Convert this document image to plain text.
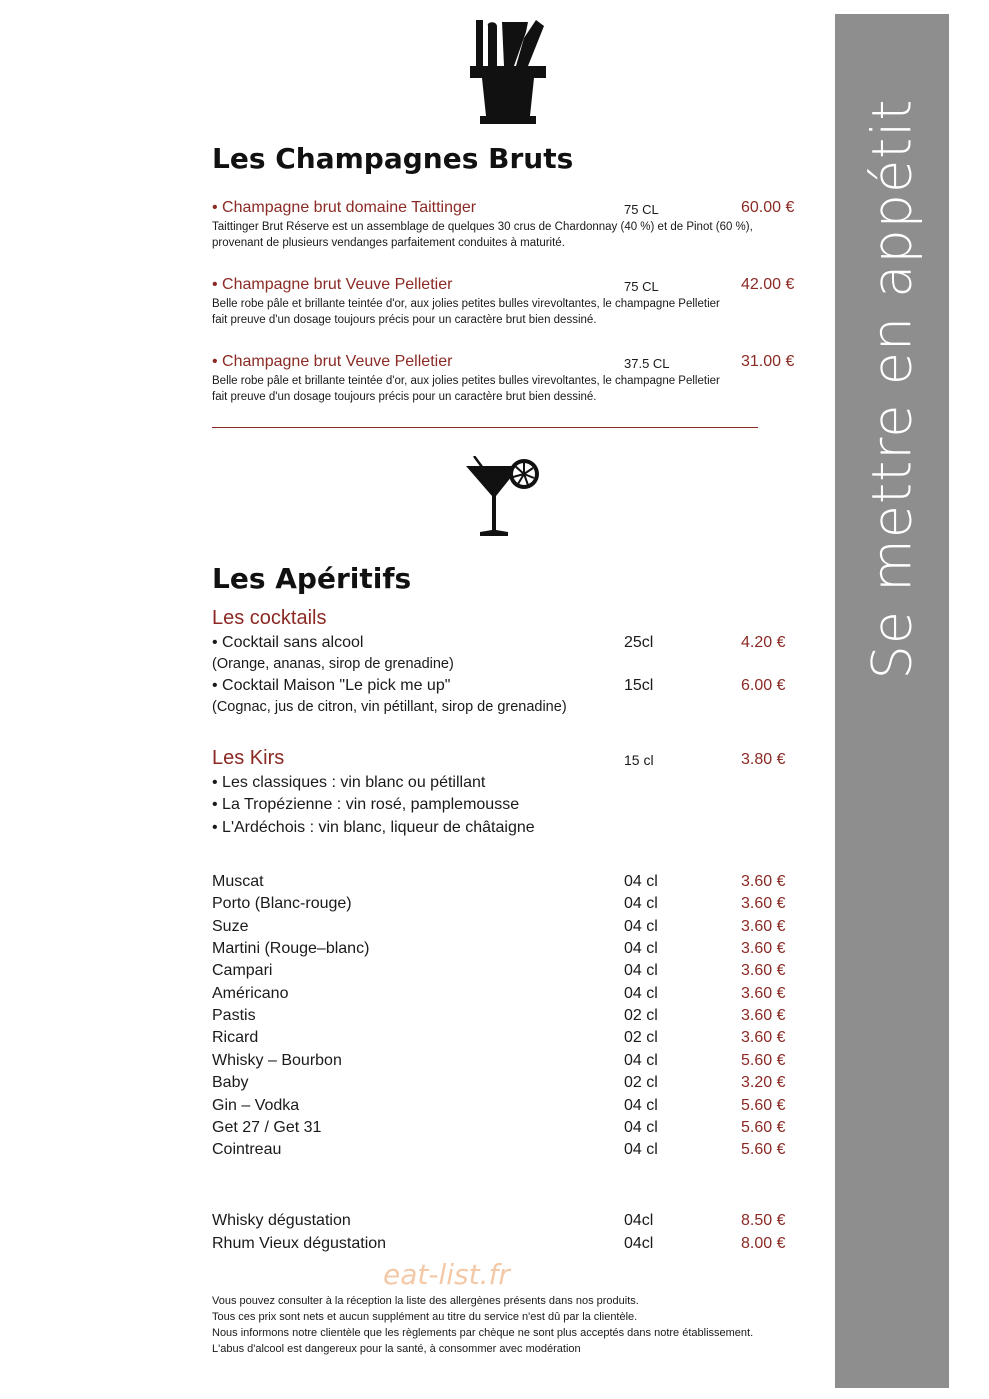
Se mettre en appétit
Les Champagnes Bruts
• Champagne brut domaine Taittinger	75 CL	60.00 €
Taittinger Brut Réserve est un assemblage de quelques 30 crus de Chardonnay (40 %) et de Pinot (60 %),
provenant de plusieurs vendanges parfaitement conduites à maturité.
• Champagne brut Veuve Pelletier	75 CL	42.00 €
Belle robe pâle et brillante teintée d'or, aux jolies petites bulles virevoltantes, le champagne Pelletier
fait preuve d'un dosage toujours précis pour un caractère brut bien dessiné.
• Champagne brut Veuve Pelletier	37.5 CL	31.00 €
Belle robe pâle et brillante teintée d'or, aux jolies petites bulles virevoltantes, le champagne Pelletier
fait preuve d'un dosage toujours précis pour un caractère brut bien dessiné.
Les Apéritifs
Les cocktails
• Cocktail sans alcool	25cl	4.20 €
(Orange, ananas, sirop de grenadine)
• Cocktail Maison "Le pick me up"	15cl	6.00 €
(Cognac, jus de citron, vin pétillant, sirop de grenadine)
Les Kirs	15 cl	3.80 €
• Les classiques : vin blanc ou pétillant
• La Tropézienne : vin rosé, pamplemousse
• L'Ardéchois : vin blanc, liqueur de châtaigne
Muscat	04 cl	3.60 €
Porto (Blanc-rouge)	04 cl	3.60 €
Suze	04 cl	3.60 €
Martini (Rouge–blanc)	04 cl	3.60 €
Campari	04 cl	3.60 €
Américano	04 cl	3.60 €
Pastis	02 cl	3.60 €
Ricard	02 cl	3.60 €
Whisky – Bourbon	04 cl	5.60 €
Baby	02 cl	3.20 €
Gin – Vodka	04 cl	5.60 €
Get 27 / Get 31	04 cl	5.60 €
Cointreau	04 cl	5.60 €
Whisky dégustation	04cl	8.50 €
Rhum Vieux dégustation	04cl	8.00 €
eat-list.fr
Vous pouvez consulter à la réception la liste des allergènes présents dans nos produits.
Tous ces prix sont nets et aucun supplément au titre du service n'est dû par la clientèle.
Nous informons notre clientèle que les règlements par chèque ne sont plus acceptés dans notre établissement.
L'abus d'alcool est dangereux pour la santé, à consommer avec modération
